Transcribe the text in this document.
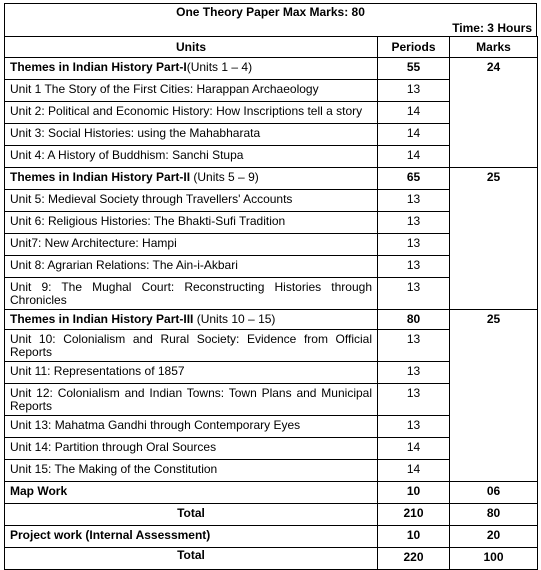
One Theory Paper Max Marks: 80
Time: 3 Hours
Units	Periods	Marks
Themes in Indian History Part-I(Units 1 – 4)	55	24
Unit 1 The Story of the First Cities: Harappan Archaeology	13	
Unit 2: Political and Economic History: How Inscriptions tell a story	14	
Unit 3: Social Histories: using the Mahabharata	14	
Unit 4: A History of Buddhism: Sanchi Stupa	14	
Themes in Indian History Part-II (Units 5 – 9)	65	25
Unit 5: Medieval Society through Travellers' Accounts	13	
Unit 6: Religious Histories: The Bhakti-Sufi Tradition	13	
Unit7: New Architecture: Hampi	13	
Unit 8: Agrarian Relations: The Ain-i-Akbari	13	
Unit 9: The Mughal Court: Reconstructing Histories through Chronicles	13	
Themes in Indian History Part-III (Units 10 – 15)	80	25
Unit 10: Colonialism and Rural Society: Evidence from Official Reports	13	
Unit 11: Representations of 1857	13	
Unit 12: Colonialism and Indian Towns: Town Plans and Municipal Reports	13	
Unit 13: Mahatma Gandhi through Contemporary Eyes	13	
Unit 14: Partition through Oral Sources	14	
Unit 15: The Making of the Constitution	14	
Map Work	10	06
Total	210	80
Project work (Internal Assessment)	10	20
Total	220	100
